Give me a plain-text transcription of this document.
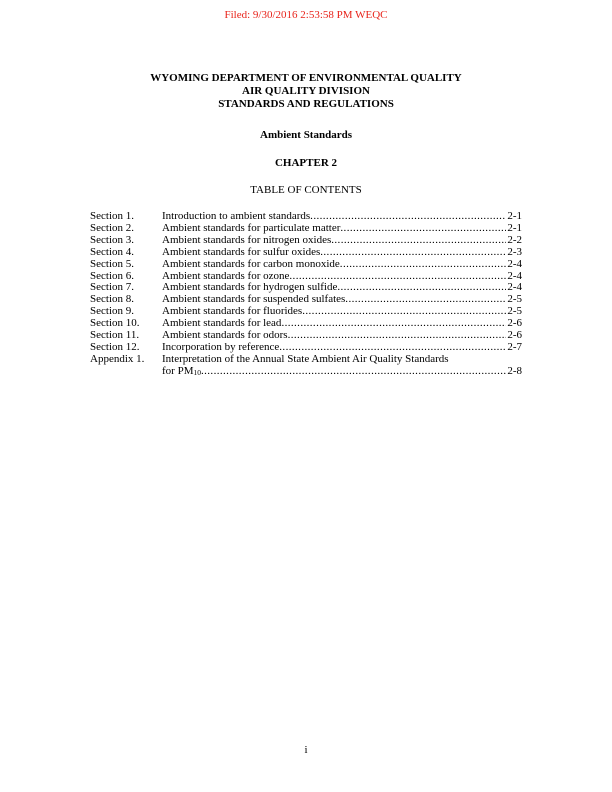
Filed: 9/30/2016 2:53:58 PM WEQC
WYOMING DEPARTMENT OF ENVIRONMENTAL QUALITY
AIR QUALITY DIVISION
STANDARDS AND REGULATIONS
Ambient Standards
CHAPTER 2
TABLE OF CONTENTS
Section 1.	Introduction to ambient standards .....	2-1
Section 2.	Ambient standards for particulate matter .....	2-1
Section 3.	Ambient standards for nitrogen oxides .....	2-2
Section 4.	Ambient standards for sulfur oxides .....	2-3
Section 5.	Ambient standards for carbon monoxide .....	2-4
Section 6.	Ambient standards for ozone .....	2-4
Section 7.	Ambient standards for hydrogen sulfide .....	2-4
Section 8.	Ambient standards for suspended sulfates .....	2-5
Section 9.	Ambient standards for fluorides .....	2-5
Section 10.	Ambient standards for lead .....	2-6
Section 11.	Ambient standards for odors .....	2-6
Section 12.	Incorporation by reference .....	2-7
Appendix 1.	Interpretation of the Annual State Ambient Air Quality Standards
for PM10 .....	2-8
i
